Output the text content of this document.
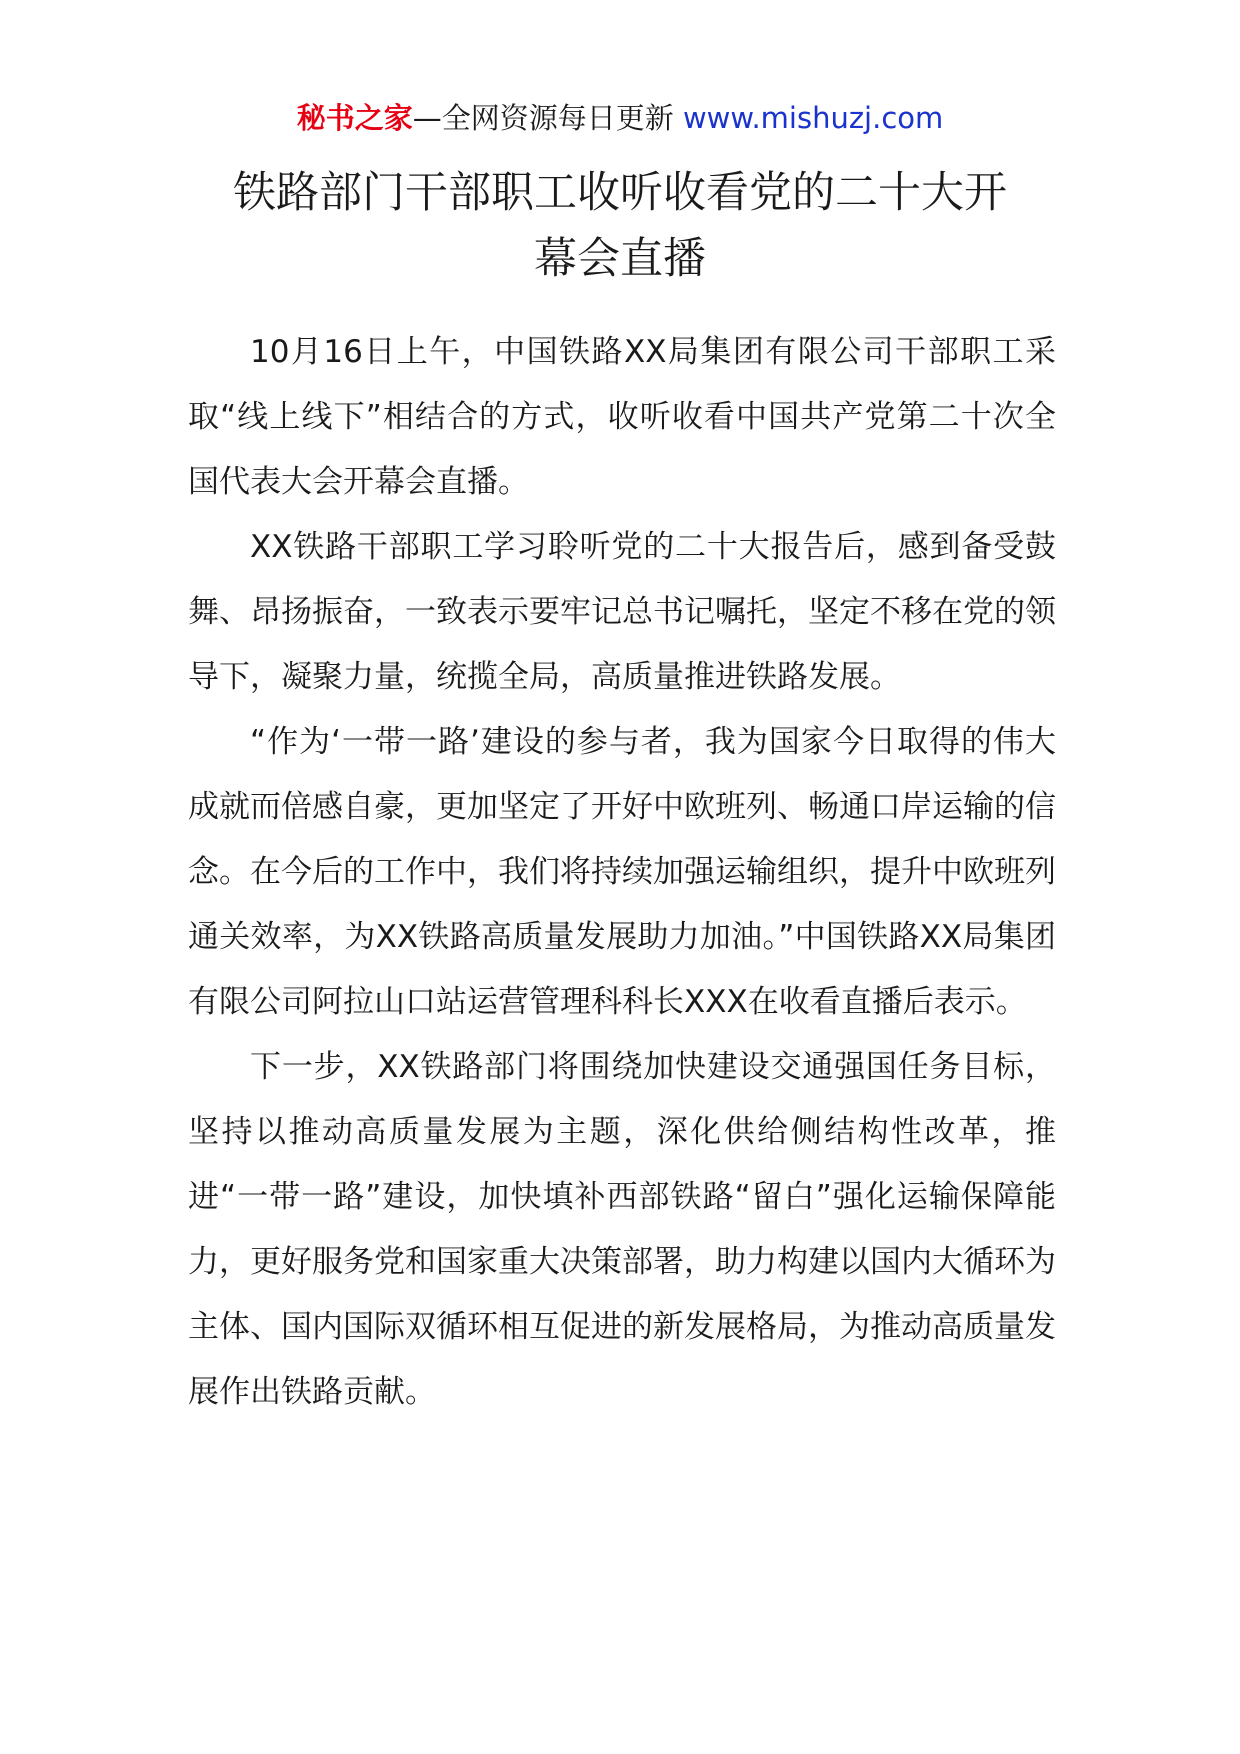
秘书之家—全网资源每日更新 www.mishuzj.com
铁路部门干部职工收听收看党的二十大开
幕会直播

10月16日上午，中国铁路XX局集团有限公司干部职工采取“线上线下”相结合的方式，收听收看中国共产党第二十次全国代表大会开幕会直播。

XX铁路干部职工学习聆听党的二十大报告后，感到备受鼓舞、昂扬振奋，一致表示要牢记总书记嘱托，坚定不移在党的领导下，凝聚力量，统揽全局，高质量推进铁路发展。

“作为‘一带一路’建设的参与者，我为国家今日取得的伟大成就而倍感自豪，更加坚定了开好中欧班列、畅通口岸运输的信念。在今后的工作中，我们将持续加强运输组织，提升中欧班列通关效率，为XX铁路高质量发展助力加油。”中国铁路XX局集团有限公司阿拉山口站运营管理科科长XXX在收看直播后表示。

下一步，XX铁路部门将围绕加快建设交通强国任务目标，坚持以推动高质量发展为主题，深化供给侧结构性改革，推进“一带一路”建设，加快填补西部铁路“留白”强化运输保障能力，更好服务党和国家重大决策部署，助力构建以国内大循环为主体、国内国际双循环相互促进的新发展格局，为推动高质量发展作出铁路贡献。
